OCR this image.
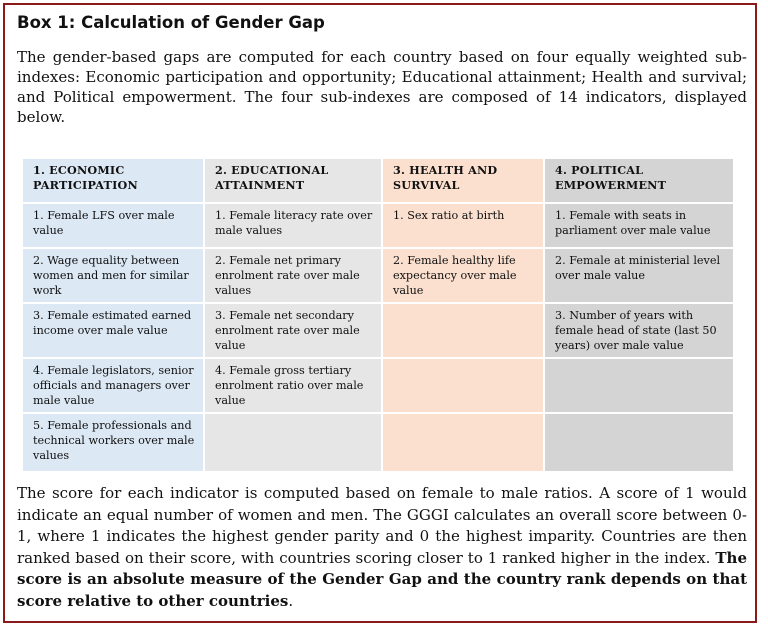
Box 1: Calculation of Gender Gap
The gender-based gaps are computed for each country based on four equally weighted sub-indexes: Economic participation and opportunity; Educational attainment; Health and survival; and Political empowerment. The four sub-indexes are composed of 14 indicators, displayed below.
1. ECONOMIC PARTICIPATION	2. EDUCATIONAL ATTAINMENT	3. HEALTH AND SURVIVAL	4. POLITICAL EMPOWERMENT
1. Female LFS over male value	1. Female literacy rate over male values	1. Sex ratio at birth	1. Female with seats in parliament over male value
2. Wage equality between women and men for similar work	2. Female net primary enrolment rate over male values	2. Female healthy life expectancy over male value	2. Female at ministerial level over male value
3. Female estimated earned income over male value	3. Female net secondary enrolment rate over male value		3. Number of years with female head of state (last 50 years) over male value
4. Female legislators, senior officials and managers over male value	4. Female gross tertiary enrolment ratio over male value		
5. Female professionals and technical workers over male values			
The score for each indicator is computed based on female to male ratios. A score of 1 would indicate an equal number of women and men. The GGGI calculates an overall score between 0-1, where 1 indicates the highest gender parity and 0 the highest imparity. Countries are then ranked based on their score, with countries scoring closer to 1 ranked higher in the index. The score is an absolute measure of the Gender Gap and the country rank depends on that score relative to other countries.
